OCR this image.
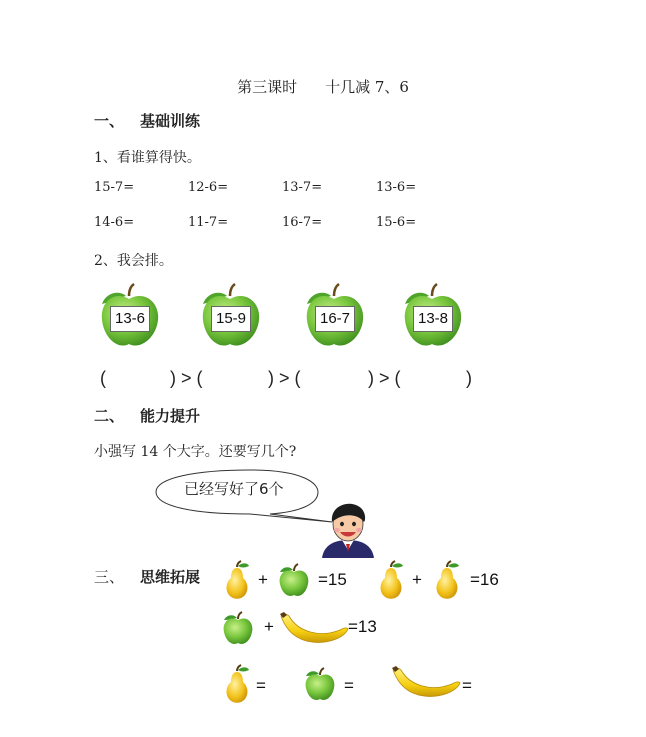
第三课时 十几减 7、6
一、 基础训练
1、看谁算得快。
15-7=	12-6=	13-7=	13-6=
14-6=	11-7=	16-7=	15-6=
2、我会排。
13-6	15-9	16-7	13-8
(	) > (	) > (	) > (	)
二、 能力提升
小强写 14 个大字。还要写几个?
已经写好了6个
三、 思维拓展	+	=15	+	=16
+	=13
=	=	=
